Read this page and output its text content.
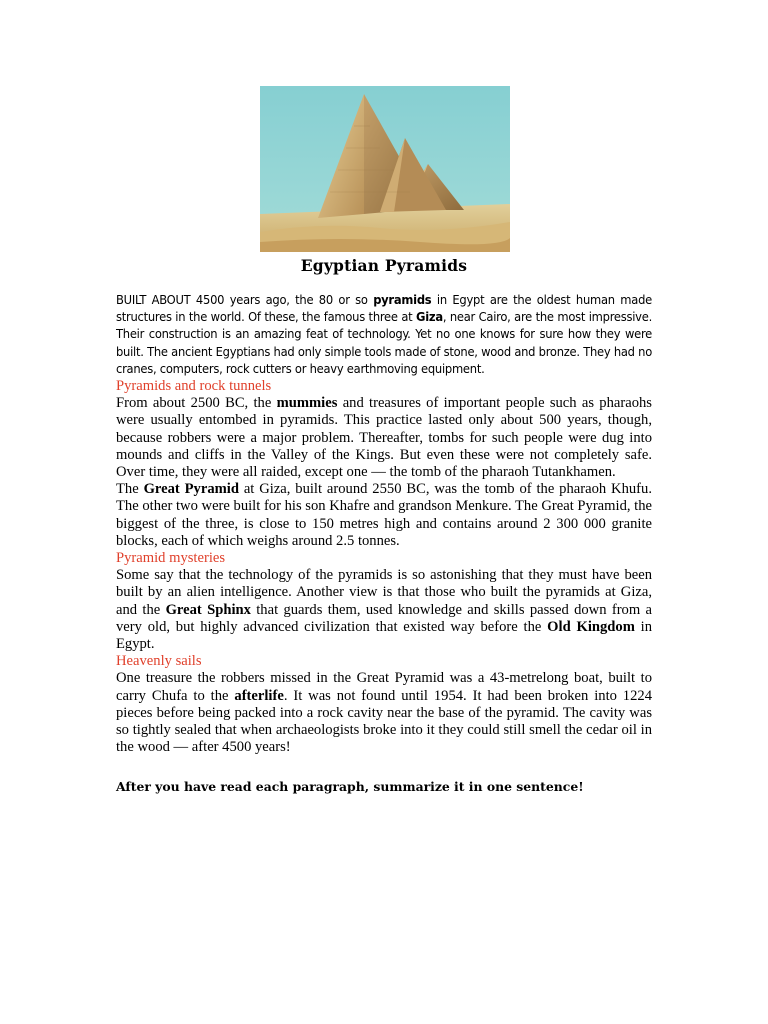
Egyptian Pyramids

BUILT ABOUT 4500 years ago, the 80 or so pyramids in Egypt are the oldest human made structures in the world. Of these, the famous three at Giza, near Cairo, are the most impressive. Their construction is an amazing feat of technology. Yet no one knows for sure how they were built. The ancient Egyptians had only simple tools made of stone, wood and bronze. They had no cranes, computers, rock cutters or heavy earthmoving equipment.

Pyramids and rock tunnels

From about 2500 BC, the mummies and treasures of important people such as pharaohs were usually entombed in pyramids. This practice lasted only about 500 years, though, because robbers were a major problem. Thereafter, tombs for such people were dug into mounds and cliffs in the Valley of the Kings. But even these were not completely safe. Over time, they were all raided, except one — the tomb of the pharaoh Tutankhamen.

The Great Pyramid at Giza, built around 2550 BC, was the tomb of the pharaoh Khufu. The other two were built for his son Khafre and grandson Menkure. The Great Pyramid, the biggest of the three, is close to 150 metres high and contains around 2 300 000 granite blocks, each of which weighs around 2.5 tonnes.

Pyramid mysteries

Some say that the technology of the pyramids is so astonishing that they must have been built by an alien intelligence. Another view is that those who built the pyramids at Giza, and the Great Sphinx that guards them, used knowledge and skills passed down from a very old, but highly advanced civilization that existed way before the Old Kingdom in Egypt.

Heavenly sails

One treasure the robbers missed in the Great Pyramid was a 43-metrelong boat, built to carry Chufa to the afterlife. It was not found until 1954. It had been broken into 1224 pieces before being packed into a rock cavity near the base of the pyramid. The cavity was so tightly sealed that when archaeologists broke into it they could still smell the cedar oil in the wood — after 4500 years!

After you have read each paragraph, summarize it in one sentence!
